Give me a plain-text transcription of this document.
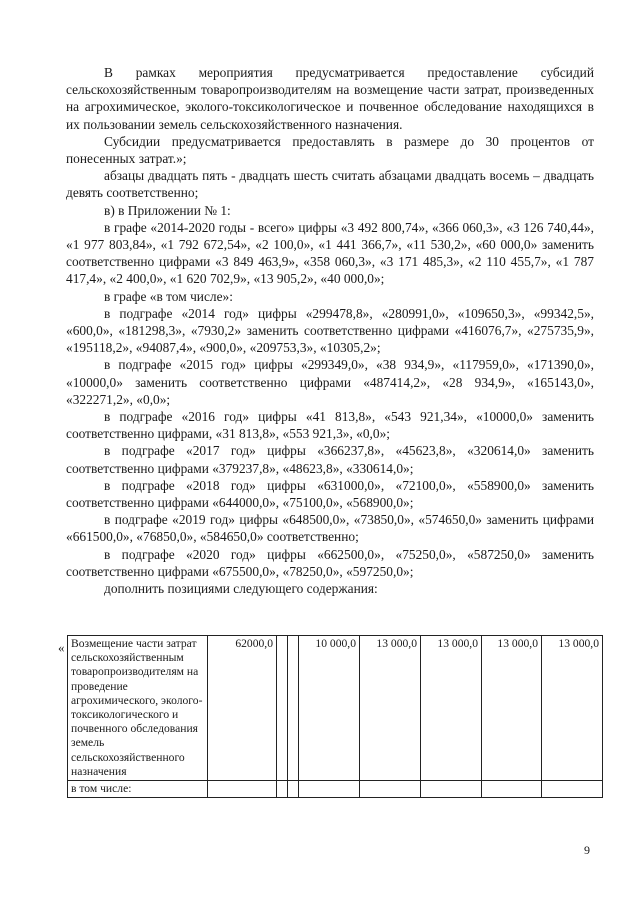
В рамках мероприятия предусматривается предоставление субсидий сельскохозяйственным товаропроизводителям на возмещение части затрат, произведенных на агрохимическое, эколого-токсикологическое и почвенное обследование находящихся в их пользовании земель сельскохозяйственного назначения.

Субсидии предусматривается предоставлять в размере до 30 процентов от понесенных затрат.»;

абзацы двадцать пять - двадцать шесть считать абзацами двадцать восемь – двадцать девять соответственно;

в) в Приложении № 1:

в графе «2014-2020 годы - всего» цифры «3 492 800,74», «366 060,3», «3 126 740,44», «1 977 803,84», «1 792 672,54», «2 100,0», «1 441 366,7», «11 530,2», «60 000,0» заменить соответственно цифрами «3 849 463,9», «358 060,3», «3 171 485,3», «2 110 455,7», «1 787 417,4», «2 400,0», «1 620 702,9», «13 905,2», «40 000,0»;

в графе «в том числе»:

в подграфе «2014 год» цифры «299478,8», «280991,0», «109650,3», «99342,5», «600,0», «181298,3», «7930,2» заменить соответственно цифрами «416076,7», «275735,9», «195118,2», «94087,4», «900,0», «209753,3», «10305,2»;

в подграфе «2015 год» цифры «299349,0», «38 934,9», «117959,0», «171390,0», «10000,0» заменить соответственно цифрами «487414,2», «28 934,9», «165143,0», «322271,2», «0,0»;

в подграфе «2016 год» цифры «41 813,8», «543 921,34», «10000,0» заменить соответственно цифрами, «31 813,8», «553 921,3», «0,0»;

в подграфе «2017 год» цифры «366237,8», «45623,8», «320614,0» заменить соответственно цифрами «379237,8», «48623,8», «330614,0»;

в подграфе «2018 год» цифры «631000,0», «72100,0», «558900,0» заменить соответственно цифрами «644000,0», «75100,0», «568900,0»;

в подграфе «2019 год» цифры «648500,0», «73850,0», «574650,0» заменить цифрами «661500,0», «76850,0», «584650,0» соответственно;

в подграфе «2020 год» цифры «662500,0», «75250,0», «587250,0» заменить соответственно цифрами «675500,0», «78250,0», «597250,0»;

дополнить позициями следующего содержания:

« Возмещение части затрат сельскохозяйственным товаропроизводителям на проведение агрохимического, эколого-токсикологического и почвенного обследования земель сельскохозяйственного назначения	62000,0			10 000,0	13 000,0	13 000,0	13 000,0	13 000,0
в том числе:								
9
